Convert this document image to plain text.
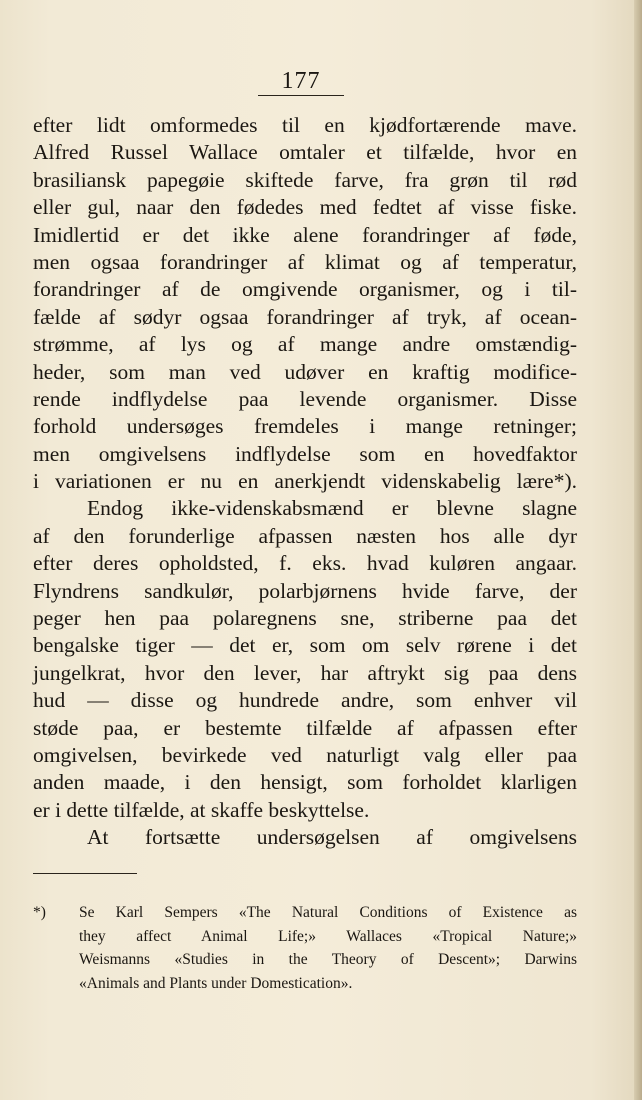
177
efter lidt omformedes til en kjødfortærende mave.
Alfred Russel Wallace omtaler et tilfælde, hvor en
brasiliansk papegøie skiftede farve, fra grøn til rød
eller gul, naar den fødedes med fedtet af visse fiske.
Imidlertid er det ikke alene forandringer af føde,
men ogsaa forandringer af klimat og af temperatur,
forandringer af de omgivende organismer, og i til-
fælde af sødyr ogsaa forandringer af tryk, af ocean-
strømme, af lys og af mange andre omstændig-
heder, som man ved udøver en kraftig modifice-
rende indflydelse paa levende organismer. Disse
forhold undersøges fremdeles i mange retninger;
men omgivelsens indflydelse som en hovedfaktor
i variationen er nu en anerkjendt videnskabelig lære*).
Endog ikke-videnskabsmænd er blevne slagne
af den forunderlige afpassen næsten hos alle dyr
efter deres opholdsted, f. eks. hvad kuløren angaar.
Flyndrens sandkulør, polarbjørnens hvide farve, der
peger hen paa polaregnens sne, striberne paa det
bengalske tiger — det er, som om selv rørene i det
jungelkrat, hvor den lever, har aftrykt sig paa dens
hud — disse og hundrede andre, som enhver vil
støde paa, er bestemte tilfælde af afpassen efter
omgivelsen, bevirkede ved naturligt valg eller paa
anden maade, i den hensigt, som forholdet klarligen
er i dette tilfælde, at skaffe beskyttelse.
At fortsætte undersøgelsen af omgivelsens
*) Se Karl Sempers «The Natural Conditions of Existence as
they affect Animal Life;» Wallaces «Tropical Nature;»
Weismanns «Studies in the Theory of Descent»; Darwins
«Animals and Plants under Domestication».
